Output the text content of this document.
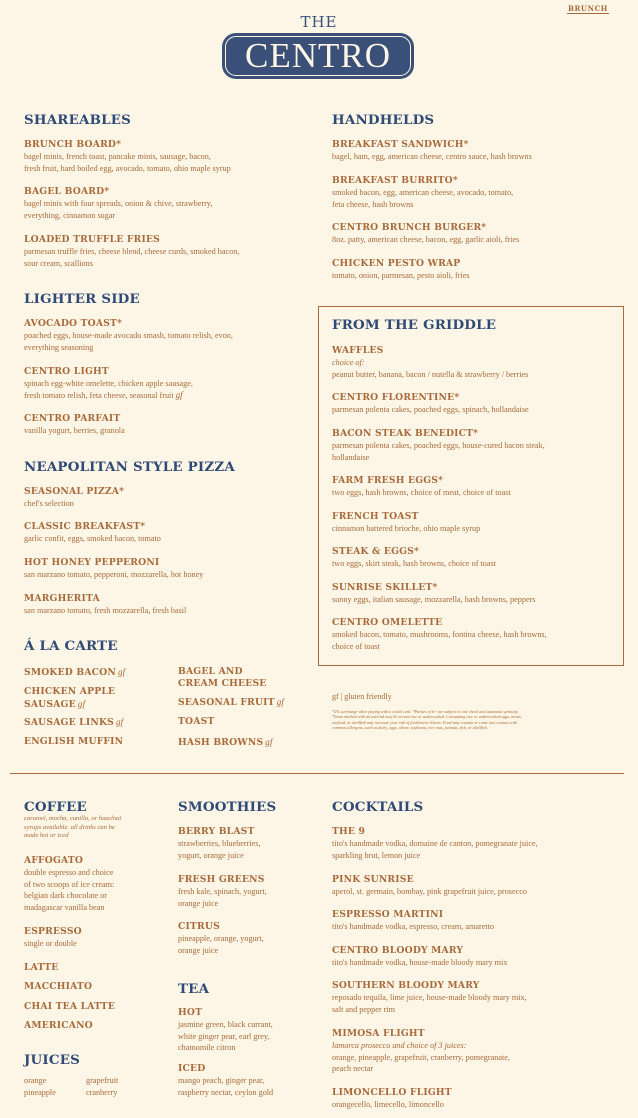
BRUNCH
THE
CENTRO
SHAREABLES
BRUNCH BOARD*
bagel minis, french toast, pancake minis, sausage, bacon,
fresh fruit, hard boiled egg, avocado, tomato, ohio maple syrup
BAGEL BOARD*
bagel minis with four spreads, onion & chive, strawberry,
everything, cinnamon sugar
LOADED TRUFFLE FRIES
parmesan truffle fries, cheese blend, cheese curds, smoked bacon,
sour cream, scallions
LIGHTER SIDE
AVOCADO TOAST*
poached eggs, house-made avocado smash, tomato relish, evoo,
everything seasoning
CENTRO LIGHT
spinach egg-white omelette, chicken apple sausage,
fresh tomato relish, feta cheese, seasonal fruit gf
CENTRO PARFAIT
vanilla yogurt, berries, granola
NEAPOLITAN STYLE PIZZA
SEASONAL PIZZA*
chef's selection
CLASSIC BREAKFAST*
garlic confit, eggs, smoked bacon, tomato
HOT HONEY PEPPERONI
san marzano tomato, pepperoni, mozzarella, hot honey
MARGHERITA
san marzano tomato, fresh mozzarella, fresh basil
Á LA CARTE
SMOKED BACON gf
CHICKEN APPLE
SAUSAGE gf
SAUSAGE LINKS gf
ENGLISH MUFFIN
BAGEL AND
CREAM CHEESE
SEASONAL FRUIT gf
TOAST
HASH BROWNS gf
HANDHELDS
BREAKFAST SANDWICH*
bagel, ham, egg, american cheese, centro sauce, hash browns
BREAKFAST BURRITO*
smoked bacon, egg, american cheese, avocado, tomato,
feta cheese, hash browns
CENTRO BRUNCH BURGER*
8oz. patty, american cheese, bacon, egg, garlic aioli, fries
CHICKEN PESTO WRAP
tomato, onion, parmesan, pesto aioli, fries
FROM THE GRIDDLE
WAFFLES
choice of:
peanut butter, banana, bacon / nutella & strawberry / berries
CENTRO FLORENTINE*
parmesan polenta cakes, poached eggs, spinach, hollandaise
BACON STEAK BENEDICT*
parmesan polenta cakes, poached eggs, house-cured bacon steak,
hollandaise
FARM FRESH EGGS*
two eggs, hash browns, choice of meat, choice of toast
FRENCH TOAST
cinnamon battered brioche, ohio maple syrup
STEAK & EGGS*
two eggs, skirt steak, hash browns, choice of toast
SUNRISE SKILLET*
sunny eggs, italian sausage, mozzarella, hash browns, peppers
CENTRO OMELETTE
smoked bacon, tomato, mushrooms, fontina cheese, hash browns,
choice of toast
gf | gluten friendly
*2% surcharge when paying with a credit card. *Parties of 6+ are subject to one check and automatic gratuity.
*Items marked with an asterisk may be served raw or undercooked. Consuming raw or undercooked eggs, meats,
seafood, or shellfish may increase your risk of food-borne illness. Food may contain or come into contact with
common allergens, such as dairy, eggs, wheat, soybeans, tree nuts, peanuts, fish, or shellfish.
COFFEE
caramel, mocha, vanilla, or hazelnut
syrups available. all drinks can be
made hot or iced
AFFOGATO
double espresso and choice
of two scoops of ice cream:
belgian dark chocolate or
madagascar vanilla bean
ESPRESSO
single or double
LATTE
MACCHIATO
CHAI TEA LATTE
AMERICANO
JUICES
orange
pineapple
grapefruit
cranberry
SMOOTHIES
BERRY BLAST
strawberries, blueberries,
yogurt, orange juice
FRESH GREENS
fresh kale, spinach, yogurt,
orange juice
CITRUS
pineapple, orange, yogurt,
orange juice
TEA
HOT
jasmine green, black currant,
white ginger pear, earl grey,
chamomile citron
ICED
mango peach, ginger pear,
raspberry nectar, ceylon gold
COCKTAILS
THE 9
tito's handmade vodka, domaine de canton, pomegranate juice,
sparkling brut, lemon juice
PINK SUNRISE
aperol, st. germain, bombay, pink grapefruit juice, prosecco
ESPRESSO MARTINI
tito's handmade vodka, espresso, cream, amaretto
CENTRO BLOODY MARY
tito's handmade vodka, house-made bloody mary mix
SOUTHERN BLOODY MARY
reposado tequila, lime juice, house-made bloody mary mix,
salt and pepper rim
MIMOSA FLIGHT
lamarca prosecco and choice of 3 juices:
orange, pineapple, grapefruit, cranberry, pomegranate,
peach nectar
LIMONCELLO FLIGHT
orangecello, limecello, limoncello
